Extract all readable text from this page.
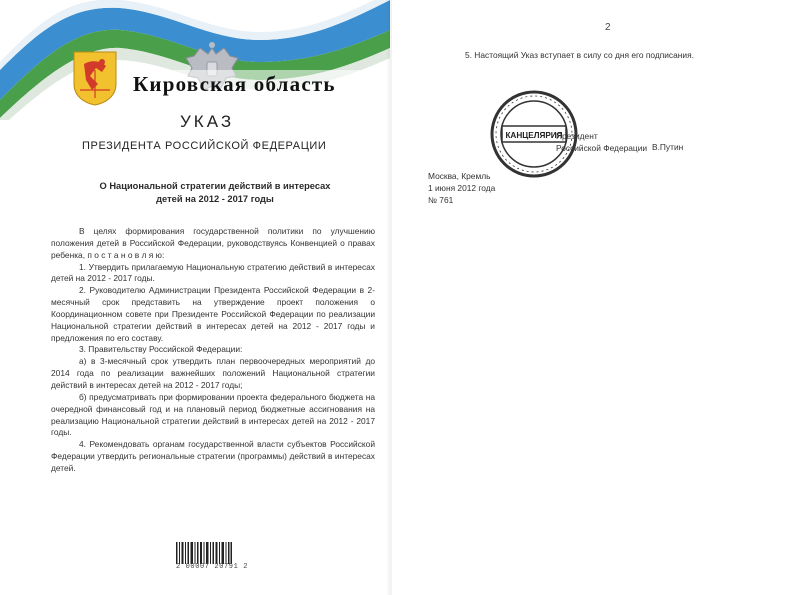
Кировская область
УКАЗ
ПРЕЗИДЕНТА РОССИЙСКОЙ ФЕДЕРАЦИИ
О Национальной стратегии действий в интересах
детей на 2012 - 2017 годы

В целях формирования государственной политики по улучшению положения детей в Российской Федерации, руководствуясь Конвенцией о правах ребенка, п о с т а н о в л я ю:

1. Утвердить прилагаемую Национальную стратегию действий в интересах детей на 2012 - 2017 годы.

2. Руководителю Администрации Президента Российской Федерации в 2-месячный срок представить на утверждение проект положения о Координационном совете при Президенте Российской Федерации по реализации Национальной стратегии действий в интересах детей на 2012 - 2017 годы и предложения по его составу.

3. Правительству Российской Федерации:

а) в 3-месячный срок утвердить план первоочередных мероприятий до 2014 года по реализации важнейших положений Национальной стратегии действий в интересах детей на 2012 - 2017 годы;

б) предусматривать при формировании проекта федерального бюджета на очередной финансовый год и на плановый период бюджетные ассигнования на реализацию Национальной стратегии действий в интересах детей на 2012 - 2017 годы.

4. Рекомендовать органам государственной власти субъектов Российской Федерации утвердить региональные стратегии (программы) действий в интересах детей.

2 00007 20791 2
2
5. Настоящий Указ вступает в силу со дня его подписания.
КАНЦЕЛЯРИЯ
Президент
Российской Федерации В.Путин
Москва, Кремль
1 июня 2012 года
№ 761
